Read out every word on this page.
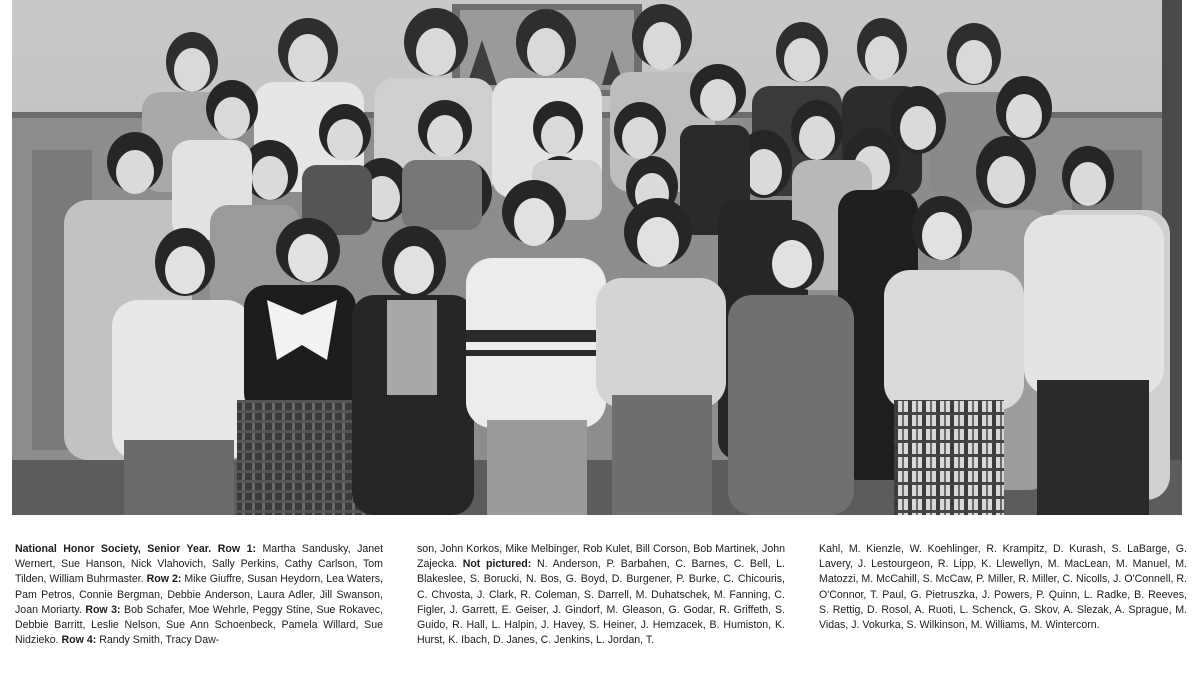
National Honor Society, Senior Year. Row 1: Martha Sandusky, Janet Wernert, Sue Hanson, Nick Vlahovich, Sally Perkins, Cathy Carlson, Tom Tilden, William Buhrmaster. Row 2: Mike Giuffre, Susan Heydorn, Lea Waters, Pam Petros, Connie Bergman, Debbie Anderson, Laura Adler, Jill Swanson, Joan Moriarty. Row 3: Bob Schafer, Moe Wehrle, Peggy Stine, Sue Rokavec, Debbie Barritt, Leslie Nelson, Sue Ann Schoenbeck, Pamela Willard, Sue Nidzieko. Row 4: Randy Smith, Tracy Daw-
son, John Korkos, Mike Melbinger, Rob Kulet, Bill Corson, Bob Martinek, John Zajecka. Not pictured: N. Anderson, P. Barbahen, C. Barnes, C. Bell, L. Blakeslee, S. Borucki, N. Bos, G. Boyd, D. Burgener, P. Burke, C. Chicouris, C. Chvosta, J. Clark, R. Coleman, S. Darrell, M. Duhatschek, M. Fanning, C. Figler, J. Garrett, E. Geiser, J. Gindorf, M. Gleason, G. Godar, R. Griffeth, S. Guido, R. Hall, L. Halpin, J. Havey, S. Heiner, J. Hemzacek, B. Humiston, K. Hurst, K. Ibach, D. Janes, C. Jenkins, L. Jordan, T.
Kahl, M. Kienzle, W. Koehlinger, R. Krampitz, D. Kurash, S. LaBarge, G. Lavery, J. Lestourgeon, R. Lipp, K. Llewellyn, M. MacLean, M. Manuel, M. Matozzi, M. McCahill, S. McCaw, P. Miller, R. Miller, C. Nicolls, J. O'Connell, R. O'Connor, T. Paul, G. Pietruszka, J. Powers, P. Quinn, L. Radke, B. Reeves, S. Rettig, D. Rosol, A. Ruoti, L. Schenck, G. Skov, A. Slezak, A. Sprague, M. Vidas, J. Vokurka, S. Wilkinson, M. Williams, M. Wintercorn.
